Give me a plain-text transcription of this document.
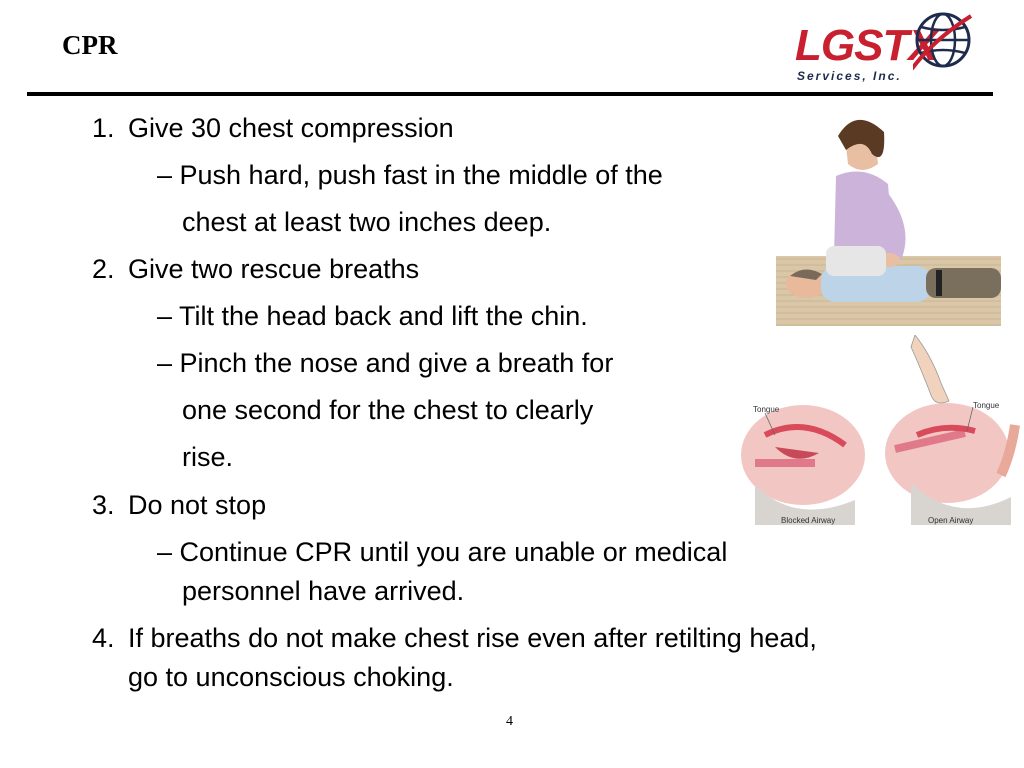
CPR	LGSTX
Services, Inc.
1. Give 30 chest compression
– Push hard, push fast in the middle of the
chest at least two inches deep.
2. Give two rescue breaths
– Tilt the head back and lift the chin.
– Pinch the nose and give a breath for
one second for the chest to clearly
rise.
3. Do not stop
– Continue CPR until you are unable or medical
personnel have arrived.
4. If breaths do not make chest rise even after retilting head,
go to unconscious choking.
Tongue	Tongue
Blocked Airway	Open Airway
4
